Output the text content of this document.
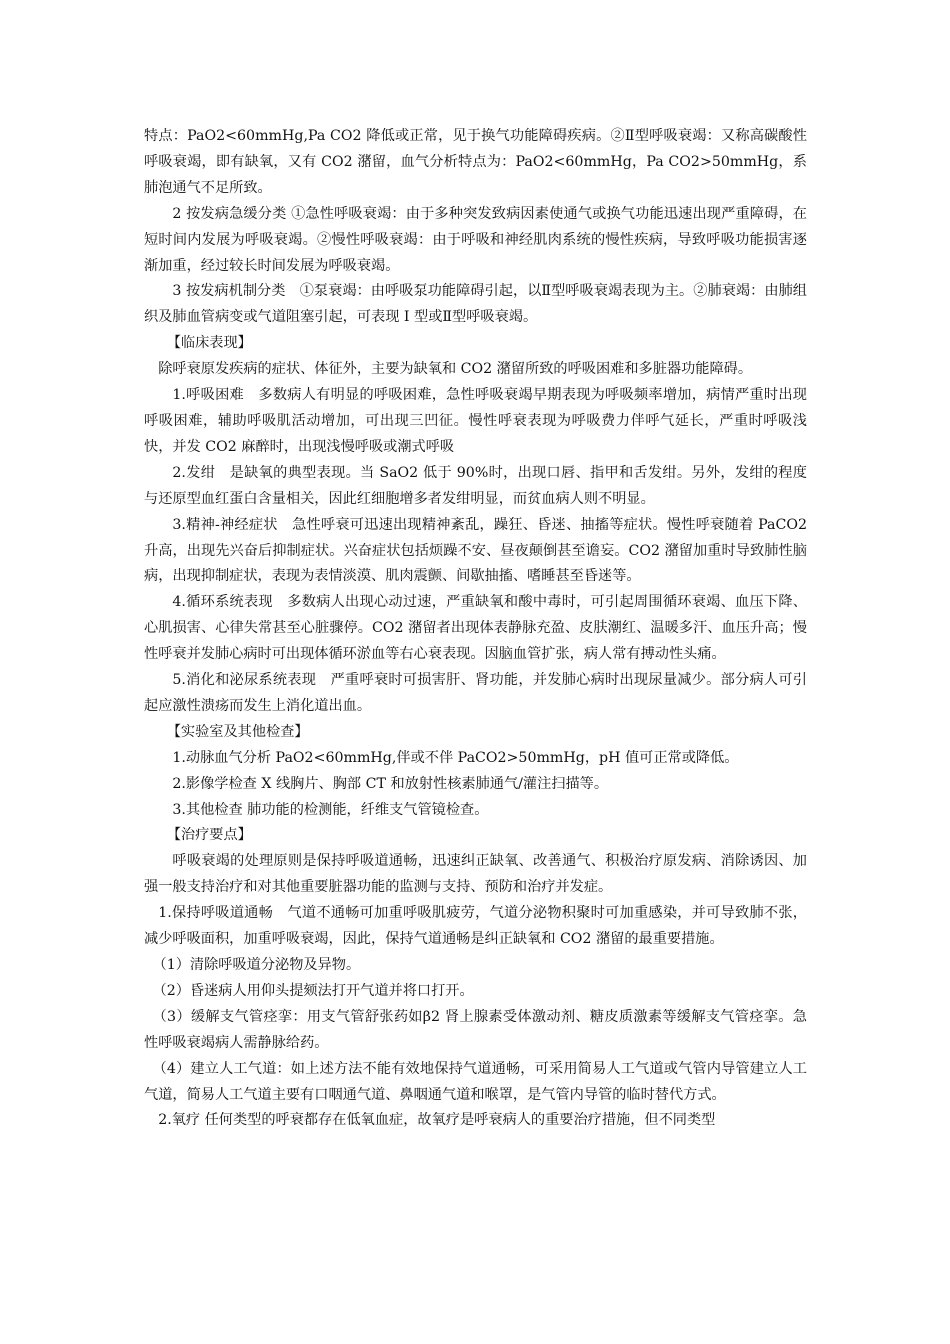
特点：PaO2<60mmHg,Pa CO2 降低或正常，见于换气功能障碍疾病。②Ⅱ型呼吸衰竭：又称高碳酸性呼吸衰竭，即有缺氧，又有 CO2 潴留，血气分析特点为：PaO2<60mmHg，Pa CO2>50mmHg，系肺泡通气不足所致。

2 按发病急缓分类 ①急性呼吸衰竭：由于多种突发致病因素使通气或换气功能迅速出现严重障碍，在短时间内发展为呼吸衰竭。②慢性呼吸衰竭：由于呼吸和神经肌肉系统的慢性疾病，导致呼吸功能损害逐渐加重，经过较长时间发展为呼吸衰竭。

3 按发病机制分类　①泵衰竭：由呼吸泵功能障碍引起，以Ⅱ型呼吸衰竭表现为主。②肺衰竭：由肺组织及肺血管病变或气道阻塞引起，可表现 I 型或Ⅱ型呼吸衰竭。

【临床表现】

除呼衰原发疾病的症状、体征外，主要为缺氧和 CO2 潴留所致的呼吸困难和多脏器功能障碍。

1.呼吸困难　多数病人有明显的呼吸困难，急性呼吸衰竭早期表现为呼吸频率增加，病情严重时出现呼吸困难，辅助呼吸肌活动增加，可出现三凹征。慢性呼衰表现为呼吸费力伴呼气延长，严重时呼吸浅快，并发 CO2 麻醉时，出现浅慢呼吸或潮式呼吸

2.发绀　是缺氧的典型表现。当 SaO2 低于 90%时，出现口唇、指甲和舌发绀。另外，发绀的程度与还原型血红蛋白含量相关，因此红细胞增多者发绀明显，而贫血病人则不明显。

3.精神-神经症状　急性呼衰可迅速出现精神紊乱，躁狂、昏迷、抽搐等症状。慢性呼衰随着 PaCO2 升高，出现先兴奋后抑制症状。兴奋症状包括烦躁不安、昼夜颠倒甚至谵妄。CO2 潴留加重时导致肺性脑病，出现抑制症状，表现为表情淡漠、肌肉震颤、间歇抽搐、嗜睡甚至昏迷等。

4.循环系统表现　多数病人出现心动过速，严重缺氧和酸中毒时，可引起周围循环衰竭、血压下降、心肌损害、心律失常甚至心脏骤停。CO2 潴留者出现体表静脉充盈、皮肤潮红、温暖多汗、血压升高；慢性呼衰并发肺心病时可出现体循环淤血等右心衰表现。因脑血管扩张，病人常有搏动性头痛。

5.消化和泌尿系统表现　严重呼衰时可损害肝、肾功能，并发肺心病时出现尿量减少。部分病人可引起应激性溃疡而发生上消化道出血。

【实验室及其他检查】

1.动脉血气分析 PaO2<60mmHg,伴或不伴 PaCO2>50mmHg，pH 值可正常或降低。

2.影像学检查 X 线胸片、胸部 CT 和放射性核素肺通气/灌注扫描等。

3.其他检查 肺功能的检测能，纤维支气管镜检查。

【治疗要点】

呼吸衰竭的处理原则是保持呼吸道通畅，迅速纠正缺氧、改善通气、积极治疗原发病、消除诱因、加强一般支持治疗和对其他重要脏器功能的监测与支持、预防和治疗并发症。

1.保持呼吸道通畅　气道不通畅可加重呼吸肌疲劳，气道分泌物积聚时可加重感染，并可导致肺不张，减少呼吸面积，加重呼吸衰竭，因此，保持气道通畅是纠正缺氧和 CO2 潴留的最重要措施。

（1）清除呼吸道分泌物及异物。

（2）昏迷病人用仰头提颏法打开气道并将口打开。

（3）缓解支气管痉挛：用支气管舒张药如β2 肾上腺素受体激动剂、糖皮质激素等缓解支气管痉挛。急性呼吸衰竭病人需静脉给药。

（4）建立人工气道：如上述方法不能有效地保持气道通畅，可采用简易人工气道或气管内导管建立人工气道，简易人工气道主要有口咽通气道、鼻咽通气道和喉罩，是气管内导管的临时替代方式。

2.氧疗 任何类型的呼衰都存在低氧血症，故氧疗是呼衰病人的重要治疗措施，但不同类型
